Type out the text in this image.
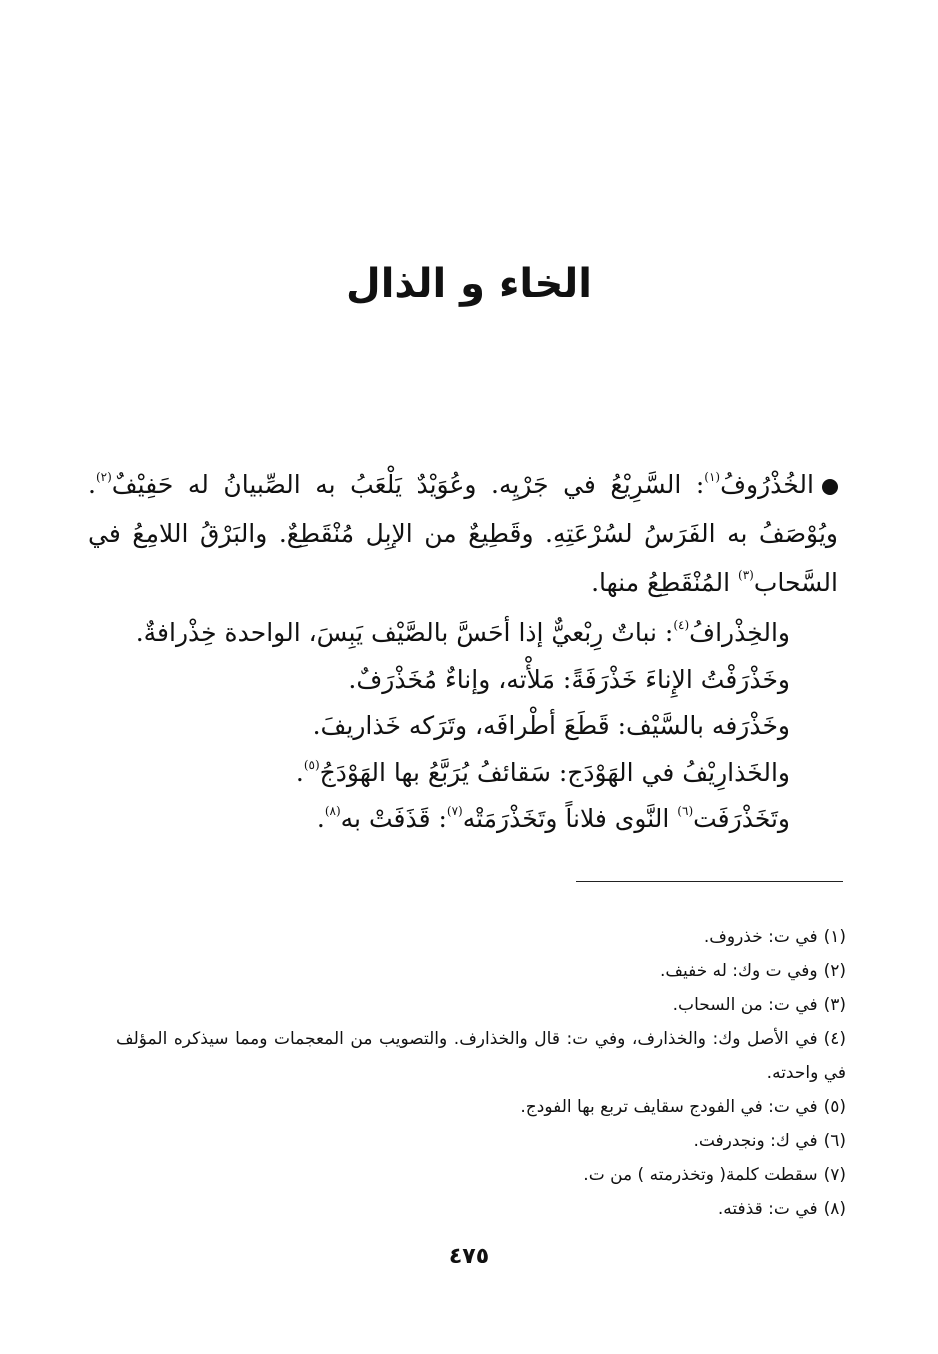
الخاء و الذال

الخُذْرُوفُ$^{(١)}$: السَّرِيْعُ في جَرْيِه. وعُوَيْدٌ يَلْعَبُ به الصِّبيانُ له حَفِيْفٌ$^{(٢)}$. ويُوْصَفُ به الفَرَسُ لسُرْعَتِهِ. وقَطِيعٌ من الإبِل مُنْقَطِعٌ. والبَرْقُ اللامِعُ في السَّحاب$^{(٣)}$ المُنْقَطِعُ منها.

والخِذْرافُ$^{(٤)}$: نباتٌ رِبْعيٌّ إذا أحَسَّ بالصَّيْف يَبِسَ، الواحدة خِذْرافةٌ.
وخَذْرَفْتُ الإِناءَ خَذْرَفَةً: مَلأْته، وإناءٌ مُخَذْرَفٌ.
وخَذْرَفه بالسَّيْف: قَطَعَ أطْرافَه، وتَرَكه خَذاريفَ.
والخَذارِيْفُ في الهَوْدَج: سَقائفُ يُرَبَّعُ بها الهَوْدَجُ$^{(٥)}$.
وتَخَذْرَفَت$^{(٦)}$ النَّوى فلاناً وتَخَذْرَمَتْه$^{(٧)}$: قَذَفَتْ به$^{(٨)}$.
(١)في ت: خذروف.
(٢)وفي ت وك: له خفيف.
(٣)في ت: من السحاب.
(٤)في الأصل وك: والخذارف، وفي ت: قال والخذارف. والتصويب من المعجمات ومما سيذكره المؤلف في واحدته.
(٥)في ت: في الفودج سقايف تربع بها الفودج.
(٦)في ك: ونجدرفت.
(٧)سقطت كلمة( وتخذرمته ) من ت.
(٨)في ت: قذفته.
٤٧٥
